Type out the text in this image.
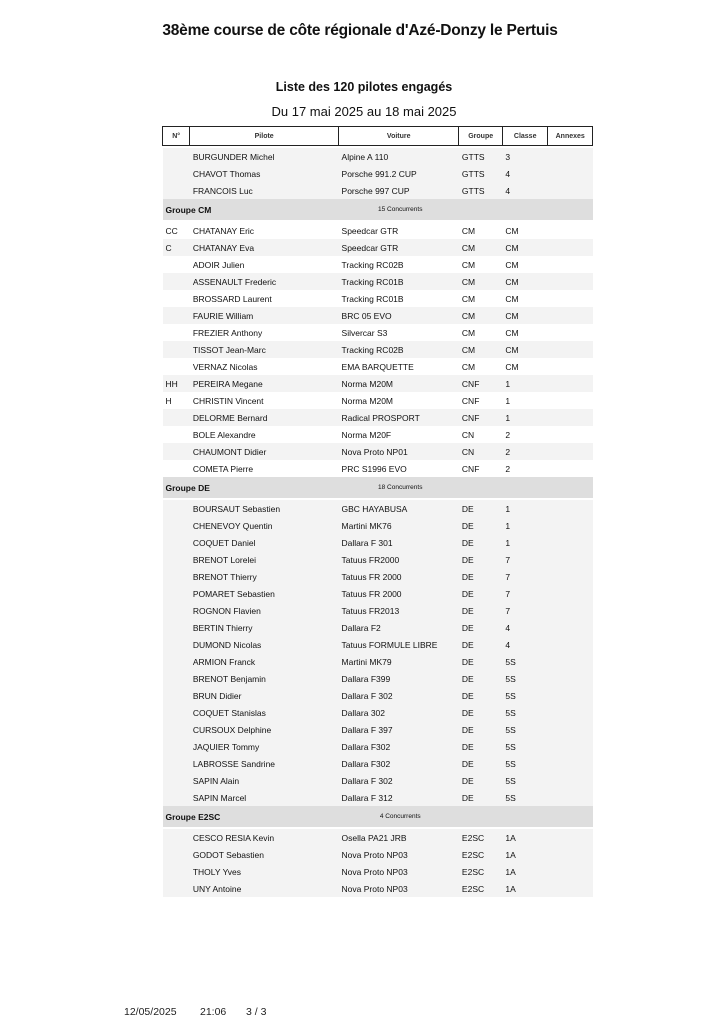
38ème course de côte régionale d'Azé-Donzy le Pertuis
Liste des 120 pilotes engagés
Du 17 mai 2025 au 18 mai 2025
N°	Pilote	Voiture	Groupe	Classe	Annexes

	BURGUNDER Michel	Alpine A 110	GTTS	3	
	CHAVOT Thomas	Porsche 991.2 CUP	GTTS	4	
	FRANCOIS Luc	Porsche 997 CUP	GTTS	4	
Groupe CM		15 Concurrents			

CC	CHATANAY Eric	Speedcar GTR	CM	CM	
C	CHATANAY Eva	Speedcar GTR	CM	CM	
	ADOIR Julien	Tracking RC02B	CM	CM	
	ASSENAULT Frederic	Tracking RC01B	CM	CM	
	BROSSARD Laurent	Tracking RC01B	CM	CM	
	FAURIE William	BRC 05 EVO	CM	CM	
	FREZIER Anthony	Silvercar S3	CM	CM	
	TISSOT Jean-Marc	Tracking RC02B	CM	CM	
	VERNAZ Nicolas	EMA BARQUETTE	CM	CM	
HH	PEREIRA Megane	Norma M20M	CNF	1	
H	CHRISTIN Vincent	Norma M20M	CNF	1	
	DELORME Bernard	Radical PROSPORT	CNF	1	
	BOLE Alexandre	Norma M20F	CN	2	
	CHAUMONT Didier	Nova Proto NP01	CN	2	
	COMETA Pierre	PRC S1996 EVO	CNF	2	
Groupe DE		18 Concurrents			

	BOURSAUT Sebastien	GBC HAYABUSA	DE	1	
	CHENEVOY Quentin	Martini MK76	DE	1	
	COQUET Daniel	Dallara F 301	DE	1	
	BRENOT Lorelei	Tatuus FR2000	DE	7	
	BRENOT Thierry	Tatuus FR 2000	DE	7	
	POMARET Sebastien	Tatuus FR 2000	DE	7	
	ROGNON Flavien	Tatuus FR2013	DE	7	
	BERTIN Thierry	Dallara F2	DE	4	
	DUMOND Nicolas	Tatuus FORMULE LIBRE	DE	4	
	ARMION Franck	Martini MK79	DE	5S	
	BRENOT Benjamin	Dallara F399	DE	5S	
	BRUN Didier	Dallara F 302	DE	5S	
	COQUET Stanislas	Dallara 302	DE	5S	
	CURSOUX Delphine	Dallara F 397	DE	5S	
	JAQUIER Tommy	Dallara F302	DE	5S	
	LABROSSE Sandrine	Dallara F302	DE	5S	
	SAPIN Alain	Dallara F 302	DE	5S	
	SAPIN Marcel	Dallara F 312	DE	5S	
Groupe E2SC		4 Concurrents			

	CESCO RESIA Kevin	Osella PA21 JRB	E2SC	1A	
	GODOT Sebastien	Nova Proto NP03	E2SC	1A	
	THOLY Yves	Nova Proto NP03	E2SC	1A	
	UNY Antoine	Nova Proto NP03	E2SC	1A	
12/05/2025 21:06 3 / 3
